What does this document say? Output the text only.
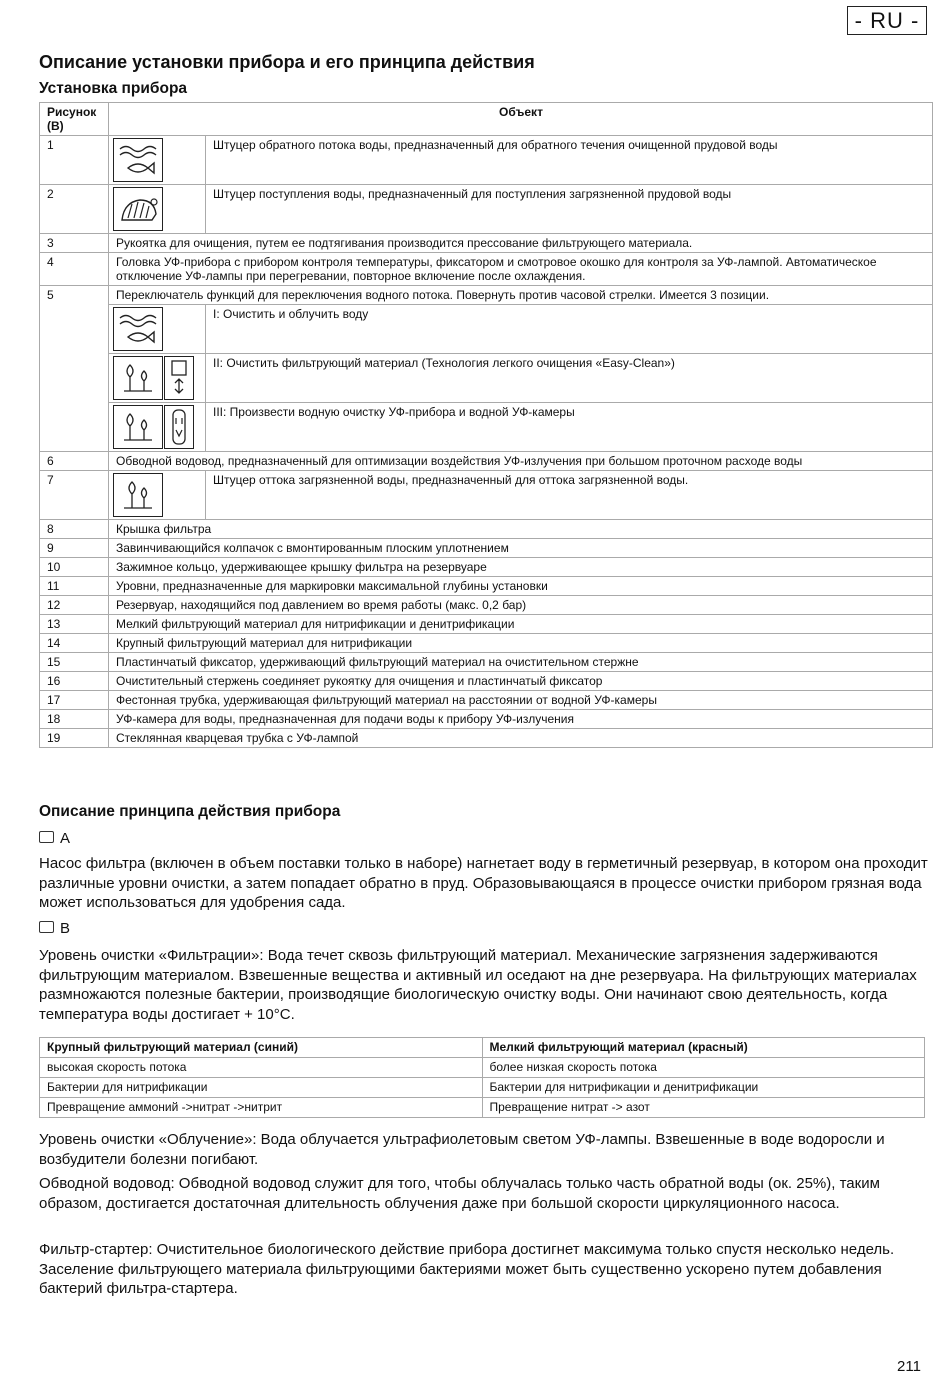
- RU -
Описание установки прибора и его принципа действия
Установка прибора
Рисунок (B)	Объект	
1		Штуцер обратного потока воды, предназначенный для обратного течения очищенной прудовой воды
2		Штуцер поступления воды, предназначенный для поступления загрязненной прудовой воды
3	Рукоятка для очищения, путем ее подтягивания производится прессование фильтрующего материала.	
4	Головка УФ-прибора с прибором контроля температуры, фиксатором и смотровое окошко для контроля за УФ-лампой. Автоматическое отключение УФ-лампы при перегревании, повторное включение после охлаждения.	
5	Переключатель функций для переключения водного потока. Повернуть против часовой стрелки. Имеется 3 позиции.	
	I: Очистить и облучить воду
	II: Очистить фильтрующий материал (Технология легкого очищения «Easy-Clean»)
	III: Произвести водную очистку УФ-прибора и водной УФ-камеры
6	Обводной водовод, предназначенный для оптимизации воздействия УФ-излучения при большом проточном расходе воды	
7		Штуцер оттока загрязненной воды, предназначенный для оттока загрязненной воды.
8	Крышка фильтра	
9	Завинчивающийся колпачок с вмонтированным плоским уплотнением	
10	Зажимное кольцо, удерживающее крышку фильтра на резервуаре	
11	Уровни, предназначенные для маркировки максимальной глубины установки	
12	Резервуар, находящийся под давлением во время работы (макс. 0,2 бар)	
13	Мелкий фильтрующий материал для нитрификации и денитрификации	
14	Крупный фильтрующий материал для нитрификации	
15	Пластинчатый фиксатор, удерживающий фильтрующий материал на очистительном стержне	
16	Очистительный стержень соединяет рукоятку для очищения и пластинчатый фиксатор	
17	Фестонная трубка, удерживающая фильтрующий материал на расстоянии от водной УФ-камеры	
18	УФ-камера для воды, предназначенная для подачи воды к прибору УФ-излучения	
19	Стеклянная кварцевая трубка с УФ-лампой	
Описание принципа действия прибора
A

Насос фильтра (включен в объем поставки только в наборе) нагнетает воду в герметичный резервуар, в котором она проходит различные уровни очистки, а затем попадает обратно в пруд. Образовывающаяся в процессе очистки прибором грязная вода может использоваться для удобрения сада.

B

Уровень очистки «Фильтрации»: Вода течет сквозь фильтрующий материал. Механические загрязнения задерживаются фильтрующим материалом. Взвешенные вещества и активный ил оседают на дне резервуара. На фильтрующих материалах размножаются полезные бактерии, производящие биологическую очистку воды. Они начинают свою деятельность, когда температура воды достигает + 10°C.

Крупный фильтрующий материал (синий)	Мелкий фильтрующий материал (красный)
высокая скорость потока	более низкая скорость потока
Бактерии для нитрификации	Бактерии для нитрификации и денитрификации
Превращение аммоний ->нитрат ->нитрит	Превращение нитрат -> азот

Уровень очистки «Облучение»: Вода облучается ультрафиолетовым светом УФ-лампы. Взвешенные в воде водоросли и возбудители болезни погибают.

Обводной водовод: Обводной водовод служит для того, чтобы облучалась только часть обратной воды (ок. 25%), таким образом, достигается достаточная длительность облучения даже при большой скорости циркуляционного насоса.

Фильтр-стартер: Очистительное биологического действие прибора достигнет максимума только спустя несколько недель. Заселение фильтрующего материала фильтрующими бактериями может быть существенно ускорено путем добавления бактерий фильтра-стартера.

211
